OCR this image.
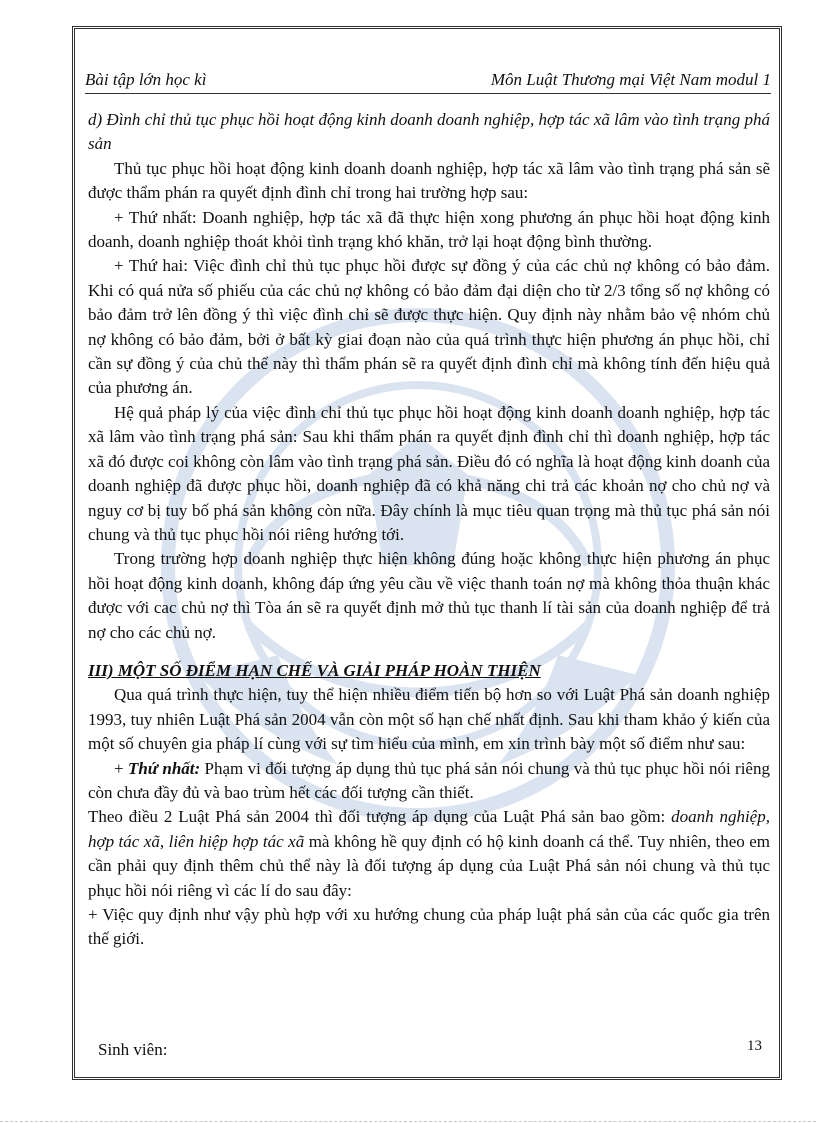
Bài tập lớn học kì	Môn Luật Thương mại Việt Nam modul 1

d) Đình chỉ thủ tục phục hồi hoạt động kinh doanh doanh nghiệp, hợp tác xã lâm vào tình trạng phá sản

Thủ tục phục hồi hoạt động kinh doanh doanh nghiệp, hợp tác xã lâm vào tình trạng phá sản sẽ được thẩm phán ra quyết định đình chỉ trong hai trường hợp sau:

+ Thứ nhất: Doanh nghiệp, hợp tác xã đã thực hiện xong phương án phục hồi hoạt động kinh doanh, doanh nghiệp thoát khỏi tình trạng khó khăn, trở lại hoạt động bình thường.

+ Thứ hai: Việc đình chỉ thủ tục phục hồi được sự đồng ý của các chủ nợ không có bảo đảm. Khi có quá nửa số phiếu của các chủ nợ không có bảo đảm đại diện cho từ 2/3 tổng số nợ không có bảo đảm trở lên đồng ý thì việc đình chỉ sẽ được thực hiện. Quy định này nhằm bảo vệ nhóm chủ nợ không có bảo đảm, bởi ở bất kỳ giai đoạn nào của quá trình thực hiện phương án phục hồi, chỉ cần sự đồng ý của chủ thể này thì thẩm phán sẽ ra quyết định đình chỉ mà không tính đến hiệu quả của phương án.

Hệ quả pháp lý của việc đình chỉ thủ tục phục hồi hoạt động kinh doanh doanh nghiệp, hợp tác xã lâm vào tình trạng phá sản: Sau khi thẩm phán ra quyết định đình chỉ thì doanh nghiệp, hợp tác xã đó được coi không còn lâm vào tình trạng phá sản. Điều đó có nghĩa là hoạt động kinh doanh của doanh nghiệp đã được phục hồi, doanh nghiệp đã có khả năng chi trả các khoản nợ cho chủ nợ và nguy cơ bị tuy bố phá sản không còn nữa. Đây chính là mục tiêu quan trọng mà thủ tục phá sản nói chung và thủ tục phục hồi nói riêng hướng tới.

Trong trường hợp doanh nghiệp thực hiện không đúng hoặc không thực hiện phương án phục hồi hoạt động kinh doanh, không đáp ứng yêu cầu về việc thanh toán nợ mà không thỏa thuận khác được với cac chủ nợ thì Tòa án sẽ ra quyết định mở thủ tục thanh lí tài sản của doanh nghiệp để trả nợ cho các chủ nợ.

III) MỘT SỐ ĐIỂM HẠN CHẾ VÀ GIẢI PHÁP HOÀN THIỆN

Qua quá trình thực hiện, tuy thể hiện nhiều điểm tiến bộ hơn so với Luật Phá sản doanh nghiệp 1993, tuy nhiên Luật Phá sản 2004 vẫn còn một số hạn chế nhất định. Sau khi tham khảo ý kiến của một số chuyên gia pháp lí cùng với sự tìm hiểu của mình, em xin trình bày một số điểm như sau:

+ Thứ nhất: Phạm vi đối tượng áp dụng thủ tục phá sản nói chung và thủ tục phục hồi nói riêng còn chưa đầy đủ và bao trùm hết các đối tượng cần thiết.

Theo điều 2 Luật Phá sản 2004 thì đối tượng áp dụng của Luật Phá sản bao gồm: doanh nghiệp, hợp tác xã, liên hiệp hợp tác xã mà không hề quy định có hộ kinh doanh cá thể. Tuy nhiên, theo em cần phải quy định thêm chủ thể này là đối tượng áp dụng của Luật Phá sản nói chung và thủ tục phục hồi nói riêng vì các lí do sau đây:

+ Việc quy định như vậy phù hợp với xu hướng chung của pháp luật phá sản của các quốc gia trên thế giới.

Sinh viên:	13
